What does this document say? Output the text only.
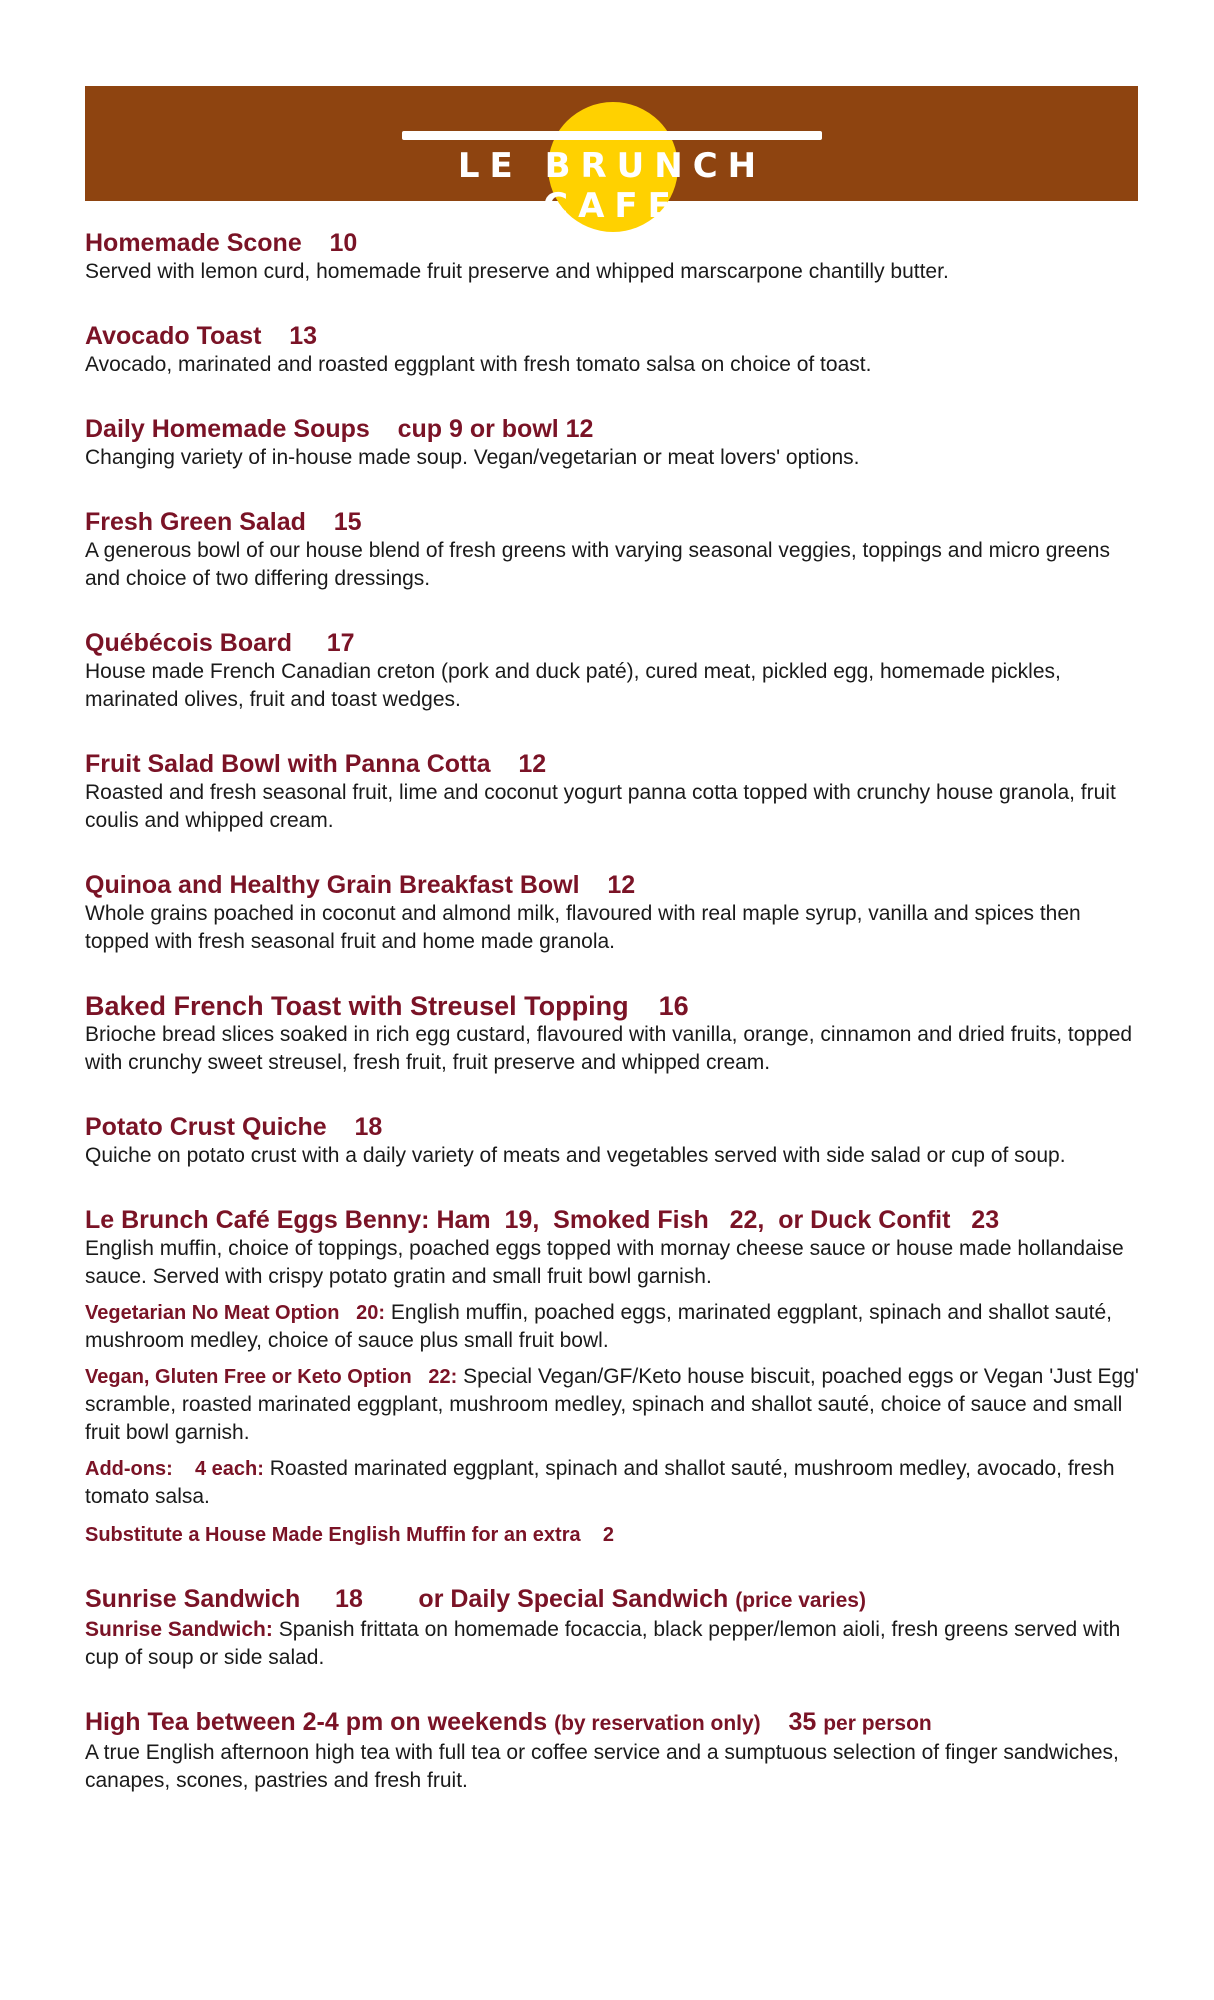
LE BRUNCH CAFE
Homemade Scone    10
Served with lemon curd, homemade fruit preserve and whipped marscarpone chantilly butter.
Avocado Toast    13
Avocado, marinated and roasted eggplant with fresh tomato salsa on choice of toast.
Daily Homemade Soups    cup 9 or bowl 12
Changing variety of in-house made soup. Vegan/vegetarian or meat lovers' options.
Fresh Green Salad    15
A generous bowl of our house blend of fresh greens with varying seasonal veggies, toppings and micro greens and choice of two differing dressings.
Québécois Board     17
House made French Canadian creton (pork and duck paté), cured meat, pickled egg, homemade pickles, marinated olives, fruit and toast wedges.
Fruit Salad Bowl with Panna Cotta    12
Roasted and fresh seasonal fruit, lime and coconut yogurt panna cotta topped with crunchy house granola, fruit coulis and whipped cream.
Quinoa and Healthy Grain Breakfast Bowl    12
Whole grains poached in coconut and almond milk, flavoured with real maple syrup, vanilla and spices then topped with fresh seasonal fruit and home made granola.
Baked French Toast with Streusel Topping    16
Brioche bread slices soaked in rich egg custard, flavoured with vanilla, orange, cinnamon and dried fruits, topped with crunchy sweet streusel, fresh fruit, fruit preserve and whipped cream.
Potato Crust Quiche    18
Quiche on potato crust with a daily variety of meats and vegetables served with side salad or cup of soup.
Le Brunch Café Eggs Benny: Ham  19,  Smoked Fish   22,  or Duck Confit   23
English muffin, choice of toppings, poached eggs topped with mornay cheese sauce or house made hollandaise sauce. Served with crispy potato gratin and small fruit bowl garnish.
Vegetarian No Meat Option   20: English muffin, poached eggs, marinated eggplant, spinach and shallot sauté, mushroom medley, choice of sauce plus small fruit bowl.
Vegan, Gluten Free or Keto Option   22: Special Vegan/GF/Keto house biscuit, poached eggs or Vegan 'Just Egg' scramble, roasted marinated eggplant, mushroom medley, spinach and shallot sauté, choice of sauce and small fruit bowl garnish.
Add-ons:    4 each: Roasted marinated eggplant, spinach and shallot sauté, mushroom medley, avocado, fresh tomato salsa.
Substitute a House Made English Muffin for an extra    2
Sunrise Sandwich     18        or Daily Special Sandwich (price varies)
Sunrise Sandwich: Spanish frittata on homemade focaccia, black pepper/lemon aioli, fresh greens served with cup of soup or side salad.
High Tea between 2-4 pm on weekends (by reservation only)    35 per person
A true English afternoon high tea with full tea or coffee service and a sumptuous selection of finger sandwiches, canapes, scones, pastries and fresh fruit.
